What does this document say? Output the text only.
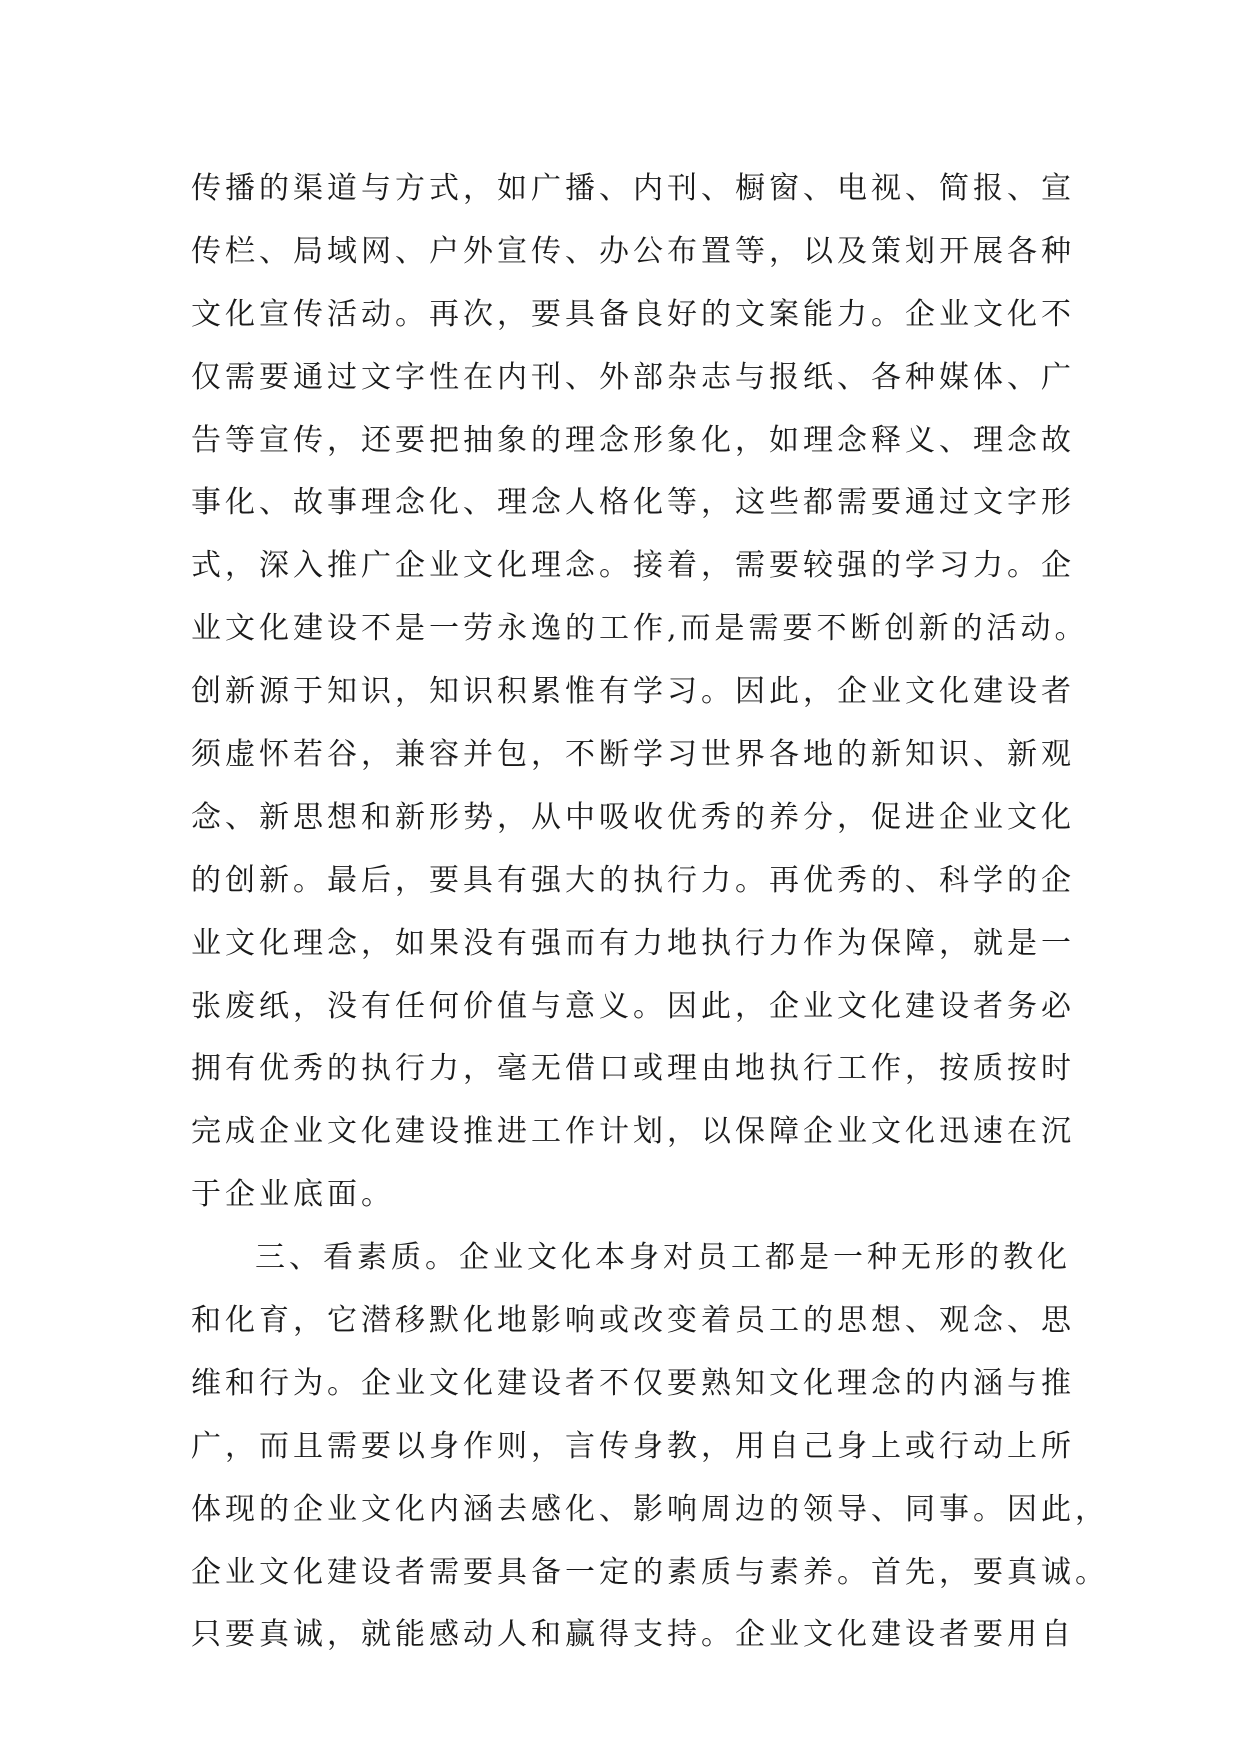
传播的渠道与方式，如广播、内刊、橱窗、电视、简报、宣
传栏、局域网、户外宣传、办公布置等，以及策划开展各种
文化宣传活动。再次，要具备良好的文案能力。企业文化不
仅需要通过文字性在内刊、外部杂志与报纸、各种媒体、广
告等宣传，还要把抽象的理念形象化，如理念释义、理念故
事化、故事理念化、理念人格化等，这些都需要通过文字形
式，深入推广企业文化理念。接着，需要较强的学习力。企
业文化建设不是一劳永逸的工作,而是需要不断创新的活动。
创新源于知识，知识积累惟有学习。因此，企业文化建设者
须虚怀若谷，兼容并包，不断学习世界各地的新知识、新观
念、新思想和新形势，从中吸收优秀的养分，促进企业文化
的创新。最后，要具有强大的执行力。再优秀的、科学的企
业文化理念，如果没有强而有力地执行力作为保障，就是一
张废纸，没有任何价值与意义。因此，企业文化建设者务必
拥有优秀的执行力，毫无借口或理由地执行工作，按质按时
完成企业文化建设推进工作计划，以保障企业文化迅速在沉
于企业底面。
三、看素质。企业文化本身对员工都是一种无形的教化
和化育，它潜移默化地影响或改变着员工的思想、观念、思
维和行为。企业文化建设者不仅要熟知文化理念的内涵与推
广，而且需要以身作则，言传身教，用自己身上或行动上所
体现的企业文化内涵去感化、影响周边的领导、同事。因此，
企业文化建设者需要具备一定的素质与素养。首先，要真诚。
只要真诚，就能感动人和赢得支持。企业文化建设者要用自
